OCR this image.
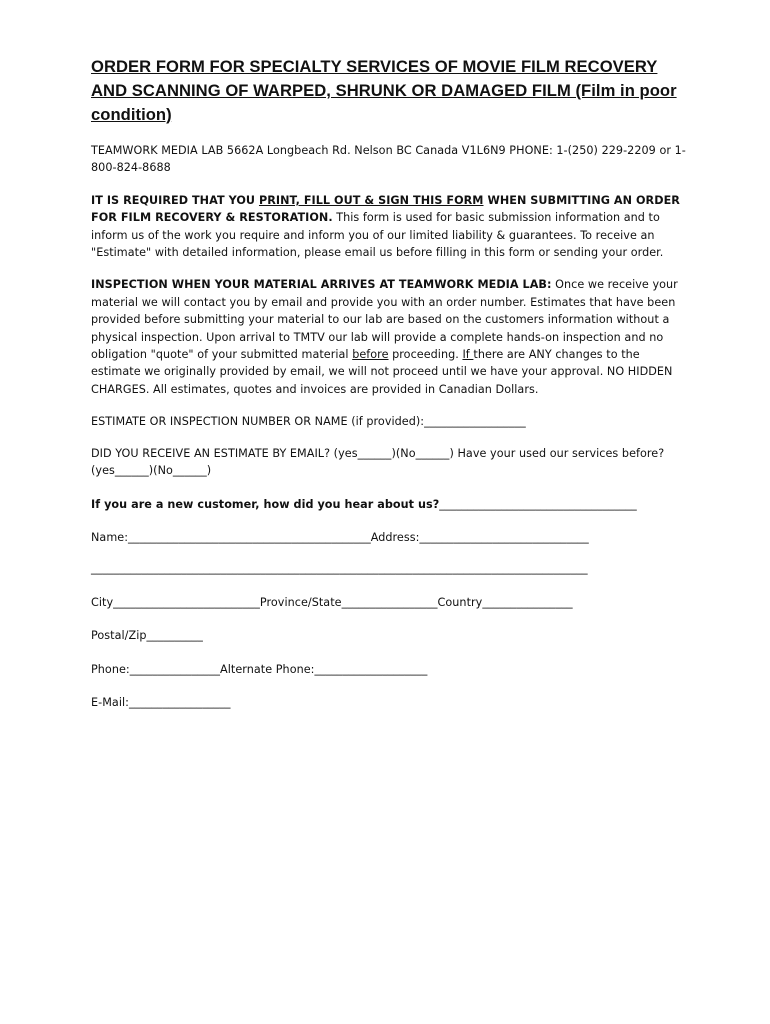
ORDER FORM FOR SPECIALTY SERVICES OF MOVIE FILM RECOVERY AND SCANNING OF WARPED, SHRUNK OR DAMAGED FILM (Film in poor condition)
TEAMWORK MEDIA LAB 5662A Longbeach Rd. Nelson BC Canada V1L6N9 PHONE: 1-(250) 229-2209 or 1-800-824-8688
IT IS REQUIRED THAT YOU PRINT, FILL OUT & SIGN THIS FORM WHEN SUBMITTING AN ORDER FOR FILM RECOVERY & RESTORATION. This form is used for basic submission information and to inform us of the work you require and inform you of our limited liability & guarantees. To receive an "Estimate" with detailed information, please email us before filling in this form or sending your order.
INSPECTION WHEN YOUR MATERIAL ARRIVES AT TEAMWORK MEDIA LAB: Once we receive your material we will contact you by email and provide you with an order number. Estimates that have been provided before submitting your material to our lab are based on the customers information without a physical inspection. Upon arrival to TMTV our lab will provide a complete hands-on inspection and no obligation "quote" of your submitted material before proceeding. If there are ANY changes to the estimate we originally provided by email, we will not proceed until we have your approval. NO HIDDEN CHARGES. All estimates, quotes and invoices are provided in Canadian Dollars.
ESTIMATE OR INSPECTION NUMBER OR NAME (if provided):__________________
DID YOU RECEIVE AN ESTIMATE BY EMAIL? (yes______)(No______) Have your used our services before? (yes______)(No______)
If you are a new customer, how did you hear about us?___________________________________
Name:___________________________________________Address:______________________________
________________________________________________________________________________________
City__________________________Province/State_________________Country________________
Postal/Zip__________
Phone:________________Alternate Phone:____________________
E-Mail:__________________
